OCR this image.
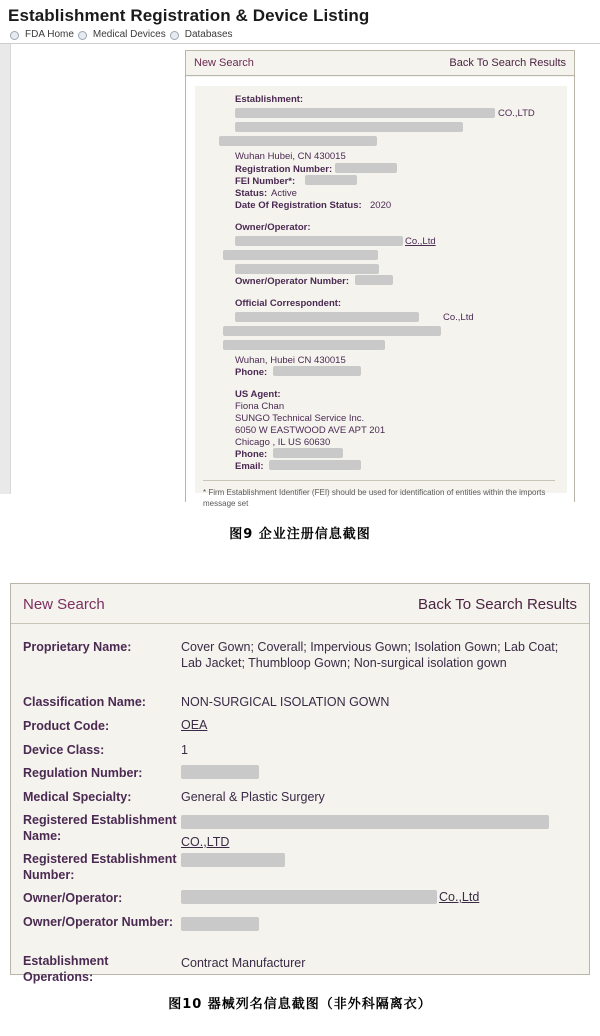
Establishment Registration & Device Listing
FDA Home Medical Devices Databases
New Search	Back To Search Results
Establishment:
CO.,LTD
Wuhan Hubei, CN 430015
Registration Number:
FEI Number*:
Status: Active
Date Of Registration Status: 2020
Owner/Operator:
Co.,Ltd
Owner/Operator Number:
Official Correspondent:
Co.,Ltd
Wuhan, Hubei CN 430015
Phone:
US Agent:
Fiona Chan
SUNGO Technical Service Inc.
6050 W EASTWOOD AVE APT 201
Chicago , IL US 60630
Phone:
Email:
* Firm Establishment Identifier (FEI) should be used for identification of entities within the imports message set
图9 企业注册信息截图
New Search	Back To Search Results
Proprietary Name:	Cover Gown; Coverall; Impervious Gown; Isolation Gown; Lab Coat; Lab Jacket; Thumbloop Gown; Non-surgical isolation gown
Classification Name:	NON-SURGICAL ISOLATION GOWN
Product Code:	OEA
Device Class:	1
Regulation Number:
Medical Specialty:	General & Plastic Surgery
Registered Establishment Name:	CO.,LTD
Registered Establishment Number:
Owner/Operator:	Co.,Ltd
Owner/Operator Number:
Establishment Operations:
Contract Manufacturer
图10 器械列名信息截图（非外科隔离衣）
